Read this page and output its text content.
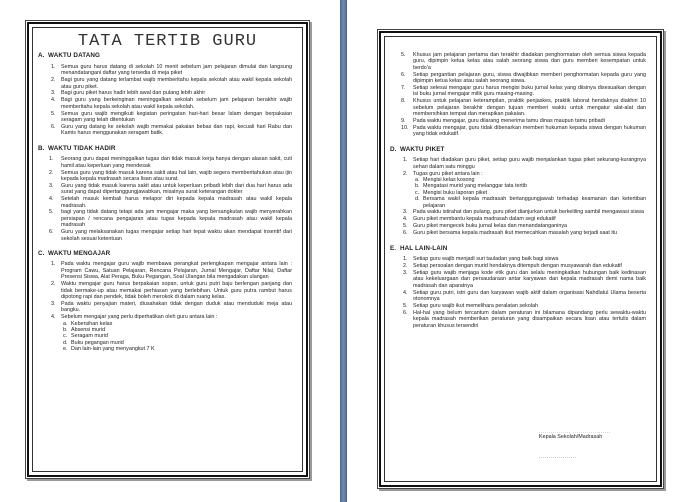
TATA TERTIB GURU
A. WAKTU DATANG
1. Semua guru harus datang di sekolah 10 menit sebelum jam pelajaran dimulai dan langsung menandatangani daftar yang tersedia di meja piket
2. Bagi guru yang datang terlambat wajib memberitahu kepala sekolah atau wakil kepala sekolah atau guru piket.
3. Bagi guru piket harus hadir lebih awal dan pulang lebih akhir
4. Bagi guru yang berkeinginan meninggalkan sekolah sebelum jam pelajaran berakhir wajib memberitahu kepala sekolah atau wakil kepala sekolah.
5. Semua guru wajib mengikuti kegiatan peringatan hari-hari besar Islam dengan berpakaian seragam yang telah ditentukan
6. Guru yang datang ke sekolah wajib memakai pakaian bebas dan rapi, kecuali hari Rabu dan Kamis harus menggunakan seragam batik.
B. WAKTU TIDAK HADIR
1. Seorang guru dapat meninggalkan tugas dan tidak masuk kerja hanya dengan alasan sakit, cuti hamil atau keperluan yang mendesak
2. Semua guru yang tidak masuk karena sakit atau hal lain, wajib segera memberitahukan atau ijin kepada kepala madrasah secara lisan atau surat.
3. Guru yang tidak masuk karena sakit atau untuk keperluan pribadi lebih dari dua hari harus ada surat yang dapat dipertanggungjawabkan, misalnya surat keterangan dokter
4. Setelah masuk kembali harus melapor diri kepada kepala madrasah atau wakil kepala madrasah.
5. bagi yang tidak datang tetapi ada jam mengajar maka yang bersangkutan wajib menyerahkan persiapan / rencana pengajaran atau tugas kepada kepala madrasah atau wakil kepala madrasah
6. Guru yang melaksanakan tugas mengajar setiap hari tepat waktu akan mendapat insentif dari sekolah sesuai ketentuan
C. WAKTU MENGAJAR
1. Pada waktu mengajar guru wajib membawa perangkat perlengkapan mengajar antara lain : Program Cawu, Satuan Pelajaran, Rencana Pelajaran, Jurnal Mengajar, Daftar Nilai, Daftar Presensi Siswa, Alat Peraga, Buku Pegangan, Soal Ulangan bila mengadakan ulangan
2. Waktu mengajar guru harus berpakaian sopan, untuk guru putri baju berlengan panjang dan tidak bermake-up atau memakai perhiasan yang berlebihan. Untuk guru putra rambut harus dipotong rapi dan pendek, tidak boleh merokok di dalam ruang kelas.
3. Pada waktu penyajian materi, diusahakan tidak dengan duduk atau menduduki meja atau bangku.
4. Sebelum mengajar yang perlu diperhatikan oleh guru antara lain :
a. Kebersihan kelas
b. Absensi murid
c. Seragam murid
d. Buku pegangan murid
e. Dan lain-lain yang menyangkut 7 K
5. Khusus jam pelajaran pertama dan terakhir diadakan penghormatan oleh semua siswa kepada guru, dipimpin ketua kelas atau salah seorang siswa dan guru memberi kesempatan untuk berdo'a
6. Setiap pergantian pelajaran guru, siswa diwajibkan memberi penghormatan kepada guru yang dipimpin ketua kelas atau salah seorang siswa.
7. Setiap selesai mengajar guru harus mengisi buku jurnal kelas yang diisinya disesuaikan dengan isi buku jurnal mengajar milik guru masing-masing.
8. Khusus untuk pelajaran keterampilan, praktik penjaskes, praktik laborat hendaknya diakhiri 10 sebelum pelajaran berakhir dengan tujuan memberi waktu untuk mengatur alat-alat dan membersihkan tempat dan merapikan pakaian.
9. Pada waktu mengajar, guru dilarang menerima tamu dinas maupun tamu pribadi
10. Pada waktu mengajar, guru tidak dibenarkan memberi hukuman kepada siswa dengan hukuman yang tidak edukatif.
D. WAKTU PIKET
1. Setiap hari diadakan guru piket, setiap guru wajib menjalankan tugas piket sekurang-kurangnya sehari dalam satu minggu
2. Tugas guru piket antara lain :
a. Mengisi kelas kosong
b. Mengatasi murid yang melanggar tata tertib
c. Mengisi buku laporan piket
d. Bersama wakil kepala madrasah bertanggungjawab terhadap keamanan dan ketertiban pelajaran
3. Pada waktu istirahat dan pulang, guru piket dianjurkan untuk berkeliling sambil mengawasi siswa
4. Guru piket membantu kepala madrasah dalam segi edukatif
5. Guru piket mengecek buku jurnal kelas dan menandatanganinya
6. Guru piket bersama kepala madrasah ikut memecahkan masalah yang terjadi saat itu
E. HAL LAIN-LAIN
1. Setiap guru wajib menjadi suri tauladan yang baik bagi siswa
2. Setiap persoalan dengan murid hendaknya ditempuh dengan musyawarah dan edukatif
3. Setiap guru wajib menjaga kode etik guru dan selalu meningkatkan hubungan baik kedinasan atau kekeluargaan dan persaudaraan antar karyawan dan kepala madrasah demi nama baik madrasah dan aparatnya
4. Setiap guru putri, istri guru dan karyawan wajib aktif dalam organisasi Nahdlatul Ulama beserta otonomnya
5. Setiap guru wajib ikut memelihara peralatan sekolah
6. Hal-hal yang belum tercantum dalam peraturan ini bilamana dipandang perlu sewaktu-waktu kepala madrasah memberikan peraturan yang disampaikan secara lisan atau tertulis dalam peraturan khusus tersendiri
..............., ...................
Kepala Sekolah/Madrasah
...................
